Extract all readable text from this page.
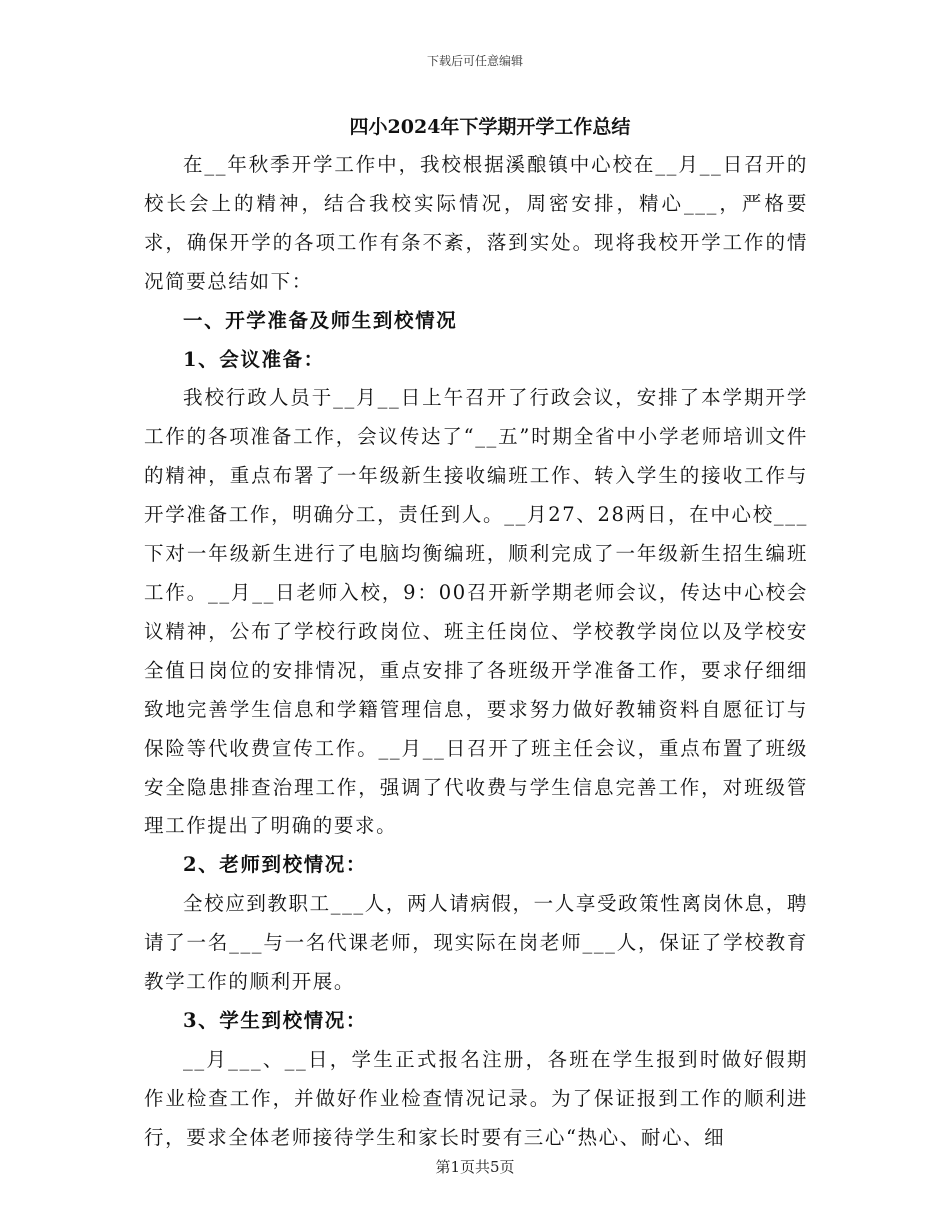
下载后可任意编辑
四小2024年下学期开学工作总结

在__年秋季开学工作中，我校根据溪酿镇中心校在__月__日召开的校长会上的精神，结合我校实际情况，周密安排，精心___，严格要求，确保开学的各项工作有条不紊，落到实处。现将我校开学工作的情况简要总结如下：

一、开学准备及师生到校情况
1、会议准备：

我校行政人员于__月__日上午召开了行政会议，安排了本学期开学工作的各项准备工作，会议传达了“__五”时期全省中小学老师培训文件的精神，重点布署了一年级新生接收编班工作、转入学生的接收工作与开学准备工作，明确分工，责任到人。__月27、28两日，在中心校___下对一年级新生进行了电脑均衡编班，顺利完成了一年级新生招生编班工作。__月__日老师入校，9：00召开新学期老师会议，传达中心校会议精神，公布了学校行政岗位、班主任岗位、学校教学岗位以及学校安全值日岗位的安排情况，重点安排了各班级开学准备工作，要求仔细细致地完善学生信息和学籍管理信息，要求努力做好教辅资料自愿征订与保险等代收费宣传工作。__月__日召开了班主任会议，重点布置了班级安全隐患排查治理工作，强调了代收费与学生信息完善工作，对班级管理工作提出了明确的要求。

2、老师到校情况：

全校应到教职工___人，两人请病假，一人享受政策性离岗休息，聘请了一名___与一名代课老师，现实际在岗老师___人，保证了学校教育教学工作的顺利开展。

3、学生到校情况：

__月___、__日，学生正式报名注册，各班在学生报到时做好假期作业检查工作，并做好作业检查情况记录。为了保证报到工作的顺利进行，要求全体老师接待学生和家长时要有三心“热心、耐心、细

第1页共5页
